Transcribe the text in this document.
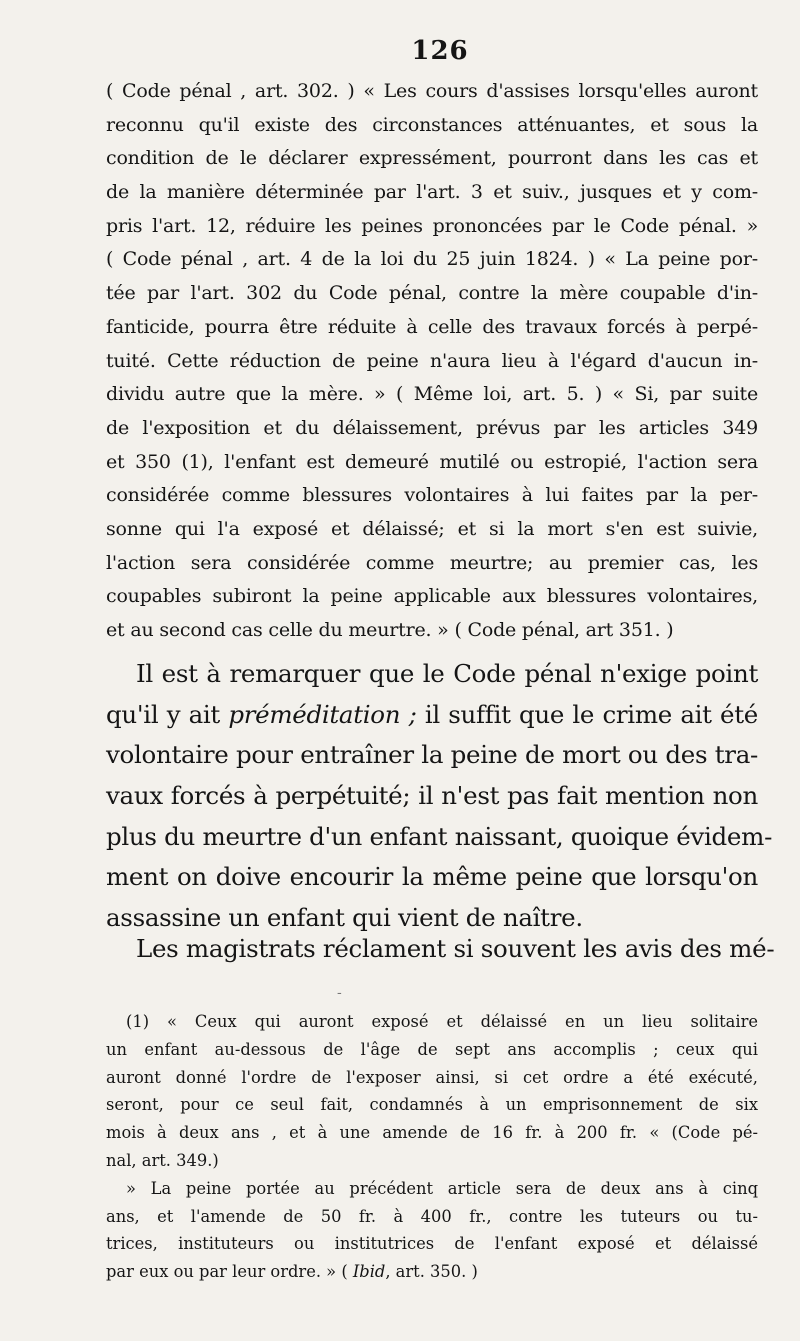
126
( Code pénal , art. 302. ) « Les cours d'assises lorsqu'elles auront
reconnu qu'il existe des circonstances atténuantes, et sous la
condition de le déclarer expressément, pourront dans les cas et
de la manière déterminée par l'art. 3 et suiv., jusques et y com-
pris l'art. 12, réduire les peines prononcées par le Code pénal. »
( Code pénal , art. 4 de la loi du 25 juin 1824. ) « La peine por-
tée par l'art. 302 du Code pénal, contre la mère coupable d'in-
fanticide, pourra être réduite à celle des travaux forcés à perpé-
tuité. Cette réduction de peine n'aura lieu à l'égard d'aucun in-
dividu autre que la mère. » ( Même loi, art. 5. ) « Si, par suite
de l'exposition et du délaissement, prévus par les articles 349
et 350 (1), l'enfant est demeuré mutilé ou estropié, l'action sera
considérée comme blessures volontaires à lui faites par la per-
sonne qui l'a exposé et délaissé; et si la mort s'en est suivie,
l'action sera considérée comme meurtre; au premier cas, les
coupables subiront la peine applicable aux blessures volontaires,
et au second cas celle du meurtre. » ( Code pénal, art 351. )
Il est à remarquer que le Code pénal n'exige point
qu'il y ait préméditation ; il suffit que le crime ait été
volontaire pour entraîner la peine de mort ou des tra-
vaux forcés à perpétuité; il n'est pas fait mention non
plus du meurtre d'un enfant naissant, quoique évidem-
ment on doive encourir la même peine que lorsqu'on
assassine un enfant qui vient de naître.
Les magistrats réclament si souvent les avis des mé-
-
(1) « Ceux qui auront exposé et délaissé en un lieu solitaire
un enfant au-dessous de l'âge de sept ans accomplis ; ceux qui
auront donné l'ordre de l'exposer ainsi, si cet ordre a été exécuté,
seront, pour ce seul fait, condamnés à un emprisonnement de six
mois à deux ans , et à une amende de 16 fr. à 200 fr. « (Code pé-
nal, art. 349.)
» La peine portée au précédent article sera de deux ans à cinq
ans, et l'amende de 50 fr. à 400 fr., contre les tuteurs ou tu-
trices, instituteurs ou institutrices de l'enfant exposé et délaissé
par eux ou par leur ordre. » ( Ibid, art. 350. )
